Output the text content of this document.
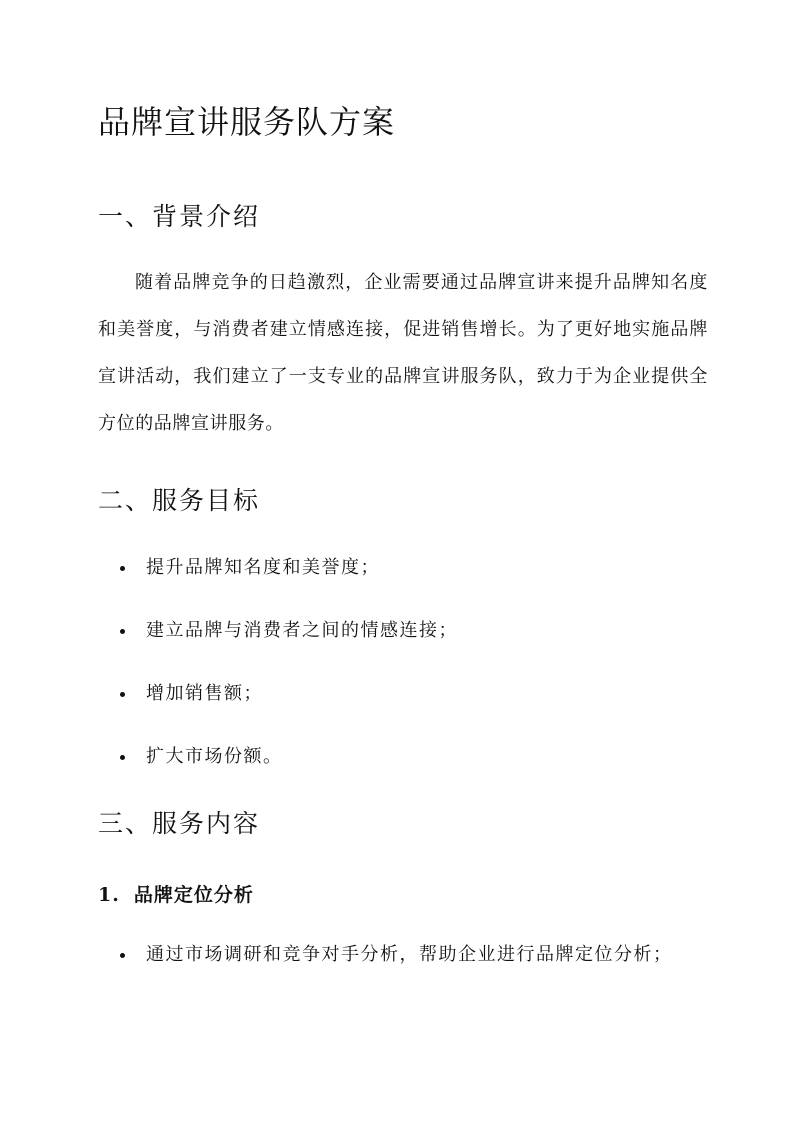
品牌宣讲服务队方案
一、背景介绍

随着品牌竞争的日趋激烈，企业需要通过品牌宣讲来提升品牌知名度和美誉度，与消费者建立情感连接，促进销售增长。为了更好地实施品牌宣讲活动，我们建立了一支专业的品牌宣讲服务队，致力于为企业提供全方位的品牌宣讲服务。

二、服务目标
提升品牌知名度和美誉度；
建立品牌与消费者之间的情感连接；
增加销售额；
扩大市场份额。
三、服务内容
1. 品牌定位分析
通过市场调研和竞争对手分析，帮助企业进行品牌定位分析；
